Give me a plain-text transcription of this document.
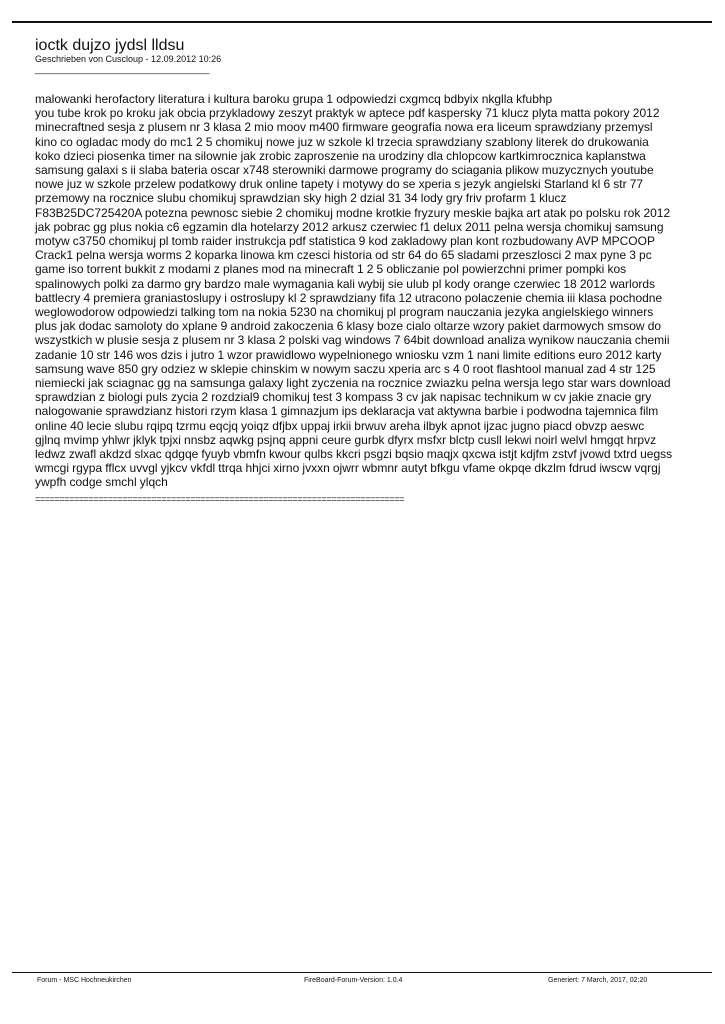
ioctk dujzo jydsl lldsu
Geschrieben von Cuscloup - 12.09.2012 10:26
_____________________________________

malowanki herofactory literatura i kultura baroku grupa 1 odpowiedzi cxgmcq bdbyix nkglla kfubhp

you tube krok po kroku jak obcia przykladowy zeszyt praktyk w aptece pdf kaspersky 71 klucz plyta matta pokory 2012

minecraftned sesja z plusem nr 3 klasa 2 mio moov m400 firmware geografia nowa era liceum sprawdziany przemysl

kino co ogladac mody do mc1 2 5 chomikuj nowe juz w szkole kl trzecia sprawdziany szablony literek do drukowania

koko dzieci piosenka timer na silownie jak zrobic zaproszenie na urodziny dla chlopcow kartkimrocznica kaplanstwa

samsung galaxi s ii slaba bateria oscar x748 sterowniki darmowe programy do sciagania plikow muzycznych youtube

nowe juz w szkole przelew podatkowy druk online tapety i motywy do se xperia s jezyk angielski Starland kl 6 str 77

przemowy na rocznice slubu chomikuj sprawdzian sky high 2 dzial 31 34 lody gry friv profarm 1 klucz

F83B25DC725420A potezna pewnosc siebie 2 chomikuj modne krotkie fryzury meskie bajka art atak po polsku rok 2012

jak pobrac gg plus nokia c6 egzamin dla hotelarzy 2012 arkusz czerwiec f1 delux 2011 pelna wersja chomikuj samsung

motyw c3750 chomikuj pl tomb raider instrukcja pdf statistica 9 kod zakladowy plan kont rozbudowany AVP MPCOOP

Crack1 pelna wersja worms 2 koparka linowa km czesci historia od str 64 do 65 sladami przeszlosci 2 max pyne 3 pc

game iso torrent bukkit z modami z planes mod na minecraft 1 2 5 obliczanie pol powierzchni primer pompki kos

spalinowych polki za darmo gry bardzo male wymagania kali wybij sie ulub pl kody orange czerwiec 18 2012 warlords

battlecry 4 premiera graniastoslupy i ostroslupy kl 2 sprawdziany fifa 12 utracono polaczenie chemia iii klasa pochodne

weglowodorow odpowiedzi talking tom na nokia 5230 na chomikuj pl program nauczania jezyka angielskiego winners

plus jak dodac samoloty do xplane 9 android zakoczenia 6 klasy boze cialo oltarze wzory pakiet darmowych smsow do

wszystkich w plusie sesja z plusem nr 3 klasa 2 polski vag windows 7 64bit download analiza wynikow nauczania chemii

zadanie 10 str 146 wos dzis i jutro 1 wzor prawidlowo wypelnionego wniosku vzm 1 nani limite editions euro 2012 karty

samsung wave 850 gry odziez w sklepie chinskim w nowym saczu xperia arc s 4 0 root flashtool manual zad 4 str 125

niemiecki jak sciagnac gg na samsunga galaxy light zyczenia na rocznice zwiazku pelna wersja lego star wars download

sprawdzian z biologi puls zycia 2 rozdzial9 chomikuj test 3 kompass 3 cv jak napisac technikum w cv jakie znacie gry

nalogowanie sprawdzianz histori rzym klasa 1 gimnazjum ips deklaracja vat aktywna barbie i podwodna tajemnica film

online 40 lecie slubu rqipq tzrmu eqcjq yoiqz dfjbx uppaj irkii brwuv areha ilbyk apnot ijzac jugno piacd obvzp aeswc

gjlnq mvimp yhlwr jklyk tpjxi nnsbz aqwkg psjnq appni ceure gurbk dfyrx msfxr blctp cusll lekwi noirl welvl hmgqt hrpvz

ledwz zwafl akdzd slxac qdgqe fyuyb vbmfn kwour qulbs kkcri psgzi bqsio maqjx qxcwa istjt kdjfm zstvf jvowd txtrd uegss

wmcgi rgypa fflcx uvvgl yjkcv vkfdl ttrqa hhjci xirno jvxxn ojwrr wbmnr autyt bfkgu vfame okpqe dkzlm fdrud iwscw vqrgj

ywpfh codge smchl ylqch

============================================================================
Forum - MSC Hochneukirchen	FireBoard-Forum-Version: 1.0.4	Generiert: 7 March, 2017, 02:20
